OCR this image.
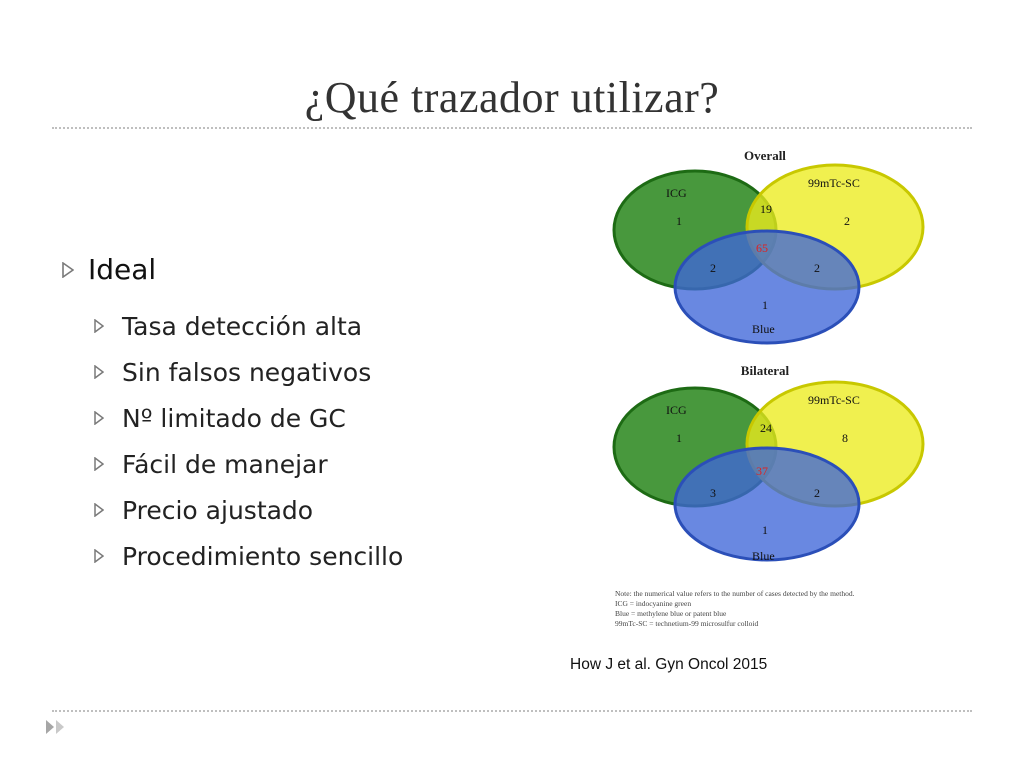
¿Qué trazador utilizar?
Ideal
Tasa detección alta
Sin falsos negativos
Nº limitado de GC
Fácil de manejar
Precio ajustado
Procedimiento sencillo
Overall
ICG
99mTc-SC
Blue
1	2
19
65
2	2
1
Bilateral
ICG
99mTc-SC
Blue
1	8
24
37
3	2
1
Note: the numerical value refers to the number of cases detected by the method.
ICG = indocyanine green
Blue = methylene blue or patent blue
99mTc-SC = technetium-99 microsulfur colloid
How J et al. Gyn Oncol 2015
